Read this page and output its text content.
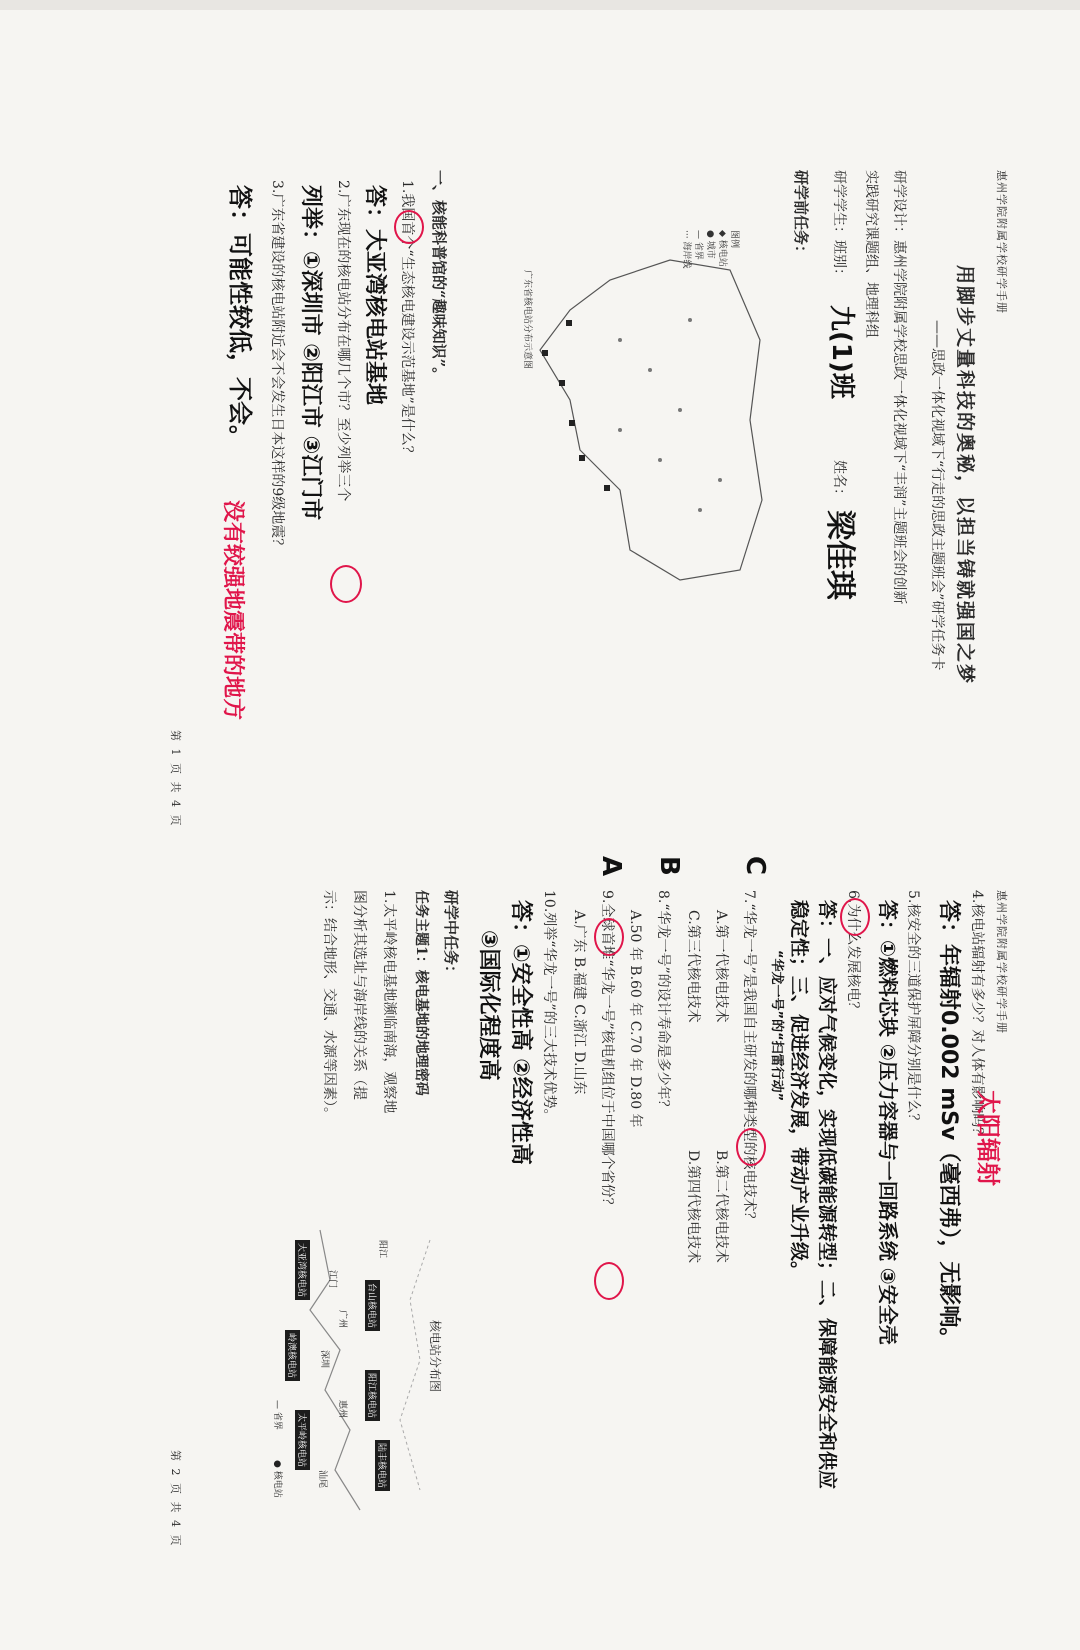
惠州学院附属学校研学手册
用脚步丈量科技的奥秘，以担当铸就强国之梦
——思政一体化视域下“行走的思政主题班会”研学任务卡
研学设计：惠州学院附属学校思政一体化视域下“丰润”主题班会的创新
实践研究课题组、地理科组
研学学生：班别：
九(1)班
姓名：
梁佳琪
研学前任务：
广东省核电站分布示意图
图例
◆ 核电站
● 城市
— 省界
··· 海岸线
一、核能科普馆的“趣味知识”。
1.我国首个“生态核电建设示范基地”是什么？
答：大亚湾核电站基地
2.广东现在的核电站分布在哪几个市？至少列举三个
列举：①深圳市 ②阳江市 ③江门市
3.广东省建设的核电站附近会不会发生日本这样的9级地震？
答：可能性较低，不会。
没有较强地震带的地方
第 1 页 共 4 页
惠州学院附属学校研学手册
4.核电站辐射有多少？对人体有影响吗？
太阳辐射
答：年辐射0.002 mSv（毫西弗），无影响。
5.核安全的三道保护屏障分别是什么？
答：①燃料芯块 ②压力容器与一回路系统 ③安全壳
6.为什么发展核电？
答：一、应对气候变化，实现低碳能源转型；二、保障能源安全和供应
稳定性；三、促进经济发展，带动产业升级。
“华龙一号”的“扫雷行动”
C
7.“华龙一号”是我国自主研发的哪种类型的核电技术？
A.第一代核电技术
B.第二代核电技术
C.第三代核电技术
D.第四代核电技术
B
8.“华龙一号”的设计寿命是多少年？
A.50 年 B.60 年 C.70 年 D.80 年
A
9.全球首堆“华龙一号”核电机组位于中国哪个省份？
A.广东 B.福建 C.浙江 D.山东
10.列举“华龙一号”的三大技术优势。
答：①安全性高 ②经济性高
③国际化程度高
研学中任务：
任务主题1：核电基地的地理密码
1.太平岭核电基地濒临南海，观察地
图分析其选址与海岸线的关系（提
示：结合地形、交通、水源等因素）。
核电站分布图
大亚湾核电站
岭澳核电站
太平岭核电站
台山核电站
阳江核电站
陆丰核电站
广州
深圳
惠州
江门
阳江
汕尾
● 核电站
— 省界
第 2 页 共 4 页
